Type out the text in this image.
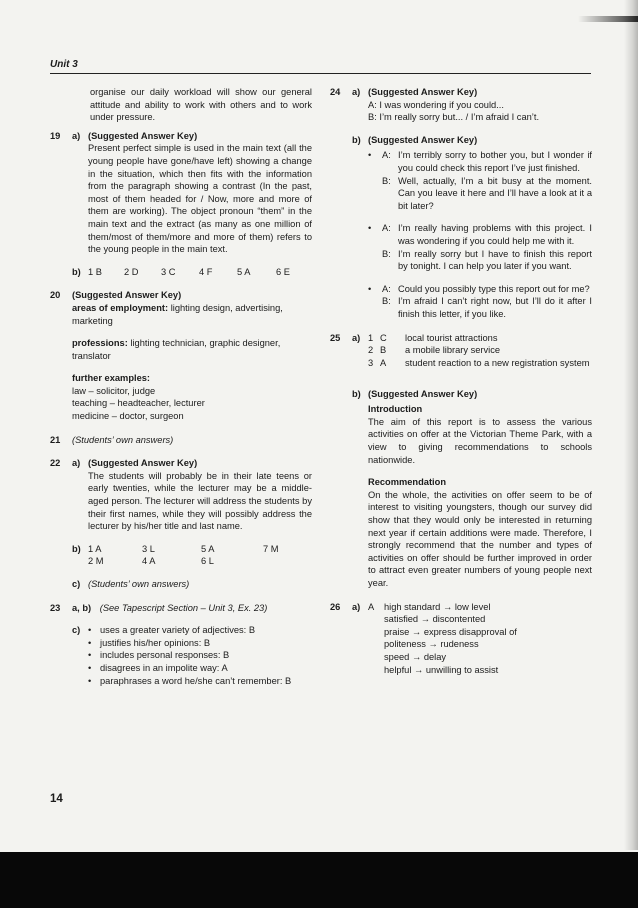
Unit 3
organise our daily workload will show our general attitude and ability to work with others and to work under pressure.
19 a) (Suggested Answer Key)
Present perfect simple is used in the main text (all the young people have gone/have left) showing a change in the situation, which then fits with the information from the paragraph showing a contrast (In the past, most of them headed for / Now, more and more of them are working). The object pronoun “them” in the main text and the extract (as many as one million of them/most of them/more and more of them) refers to the young people in the main text.
b) 1 B 2 D 3 C	4 F	5 A	6 E
20 (Suggested Answer Key)
areas of employment: lighting design, advertising, marketing
professions: lighting technician, graphic designer, translator
further examples:
law – solicitor, judge
teaching – headteacher, lecturer
medicine – doctor, surgeon
21 (Students’ own answers)
22 a) (Suggested Answer Key)
The students will probably be in their late teens or early twenties, while the lecturer may be a middle-aged person. The lecturer will address the students by their first names, while they will possibly address the lecturer by his/her title and last name.
b) 1 A	3 L	5 A	7 M
2 M	4 A	6 L
c) (Students’ own answers)
23 a, b) (See Tapescript Section – Unit 3, Ex. 23)
c) • uses a greater variety of adjectives: B
• justifies his/her opinions: B
• includes personal responses: B
• disagrees in an impolite way: A
• paraphrases a word he/she can’t remember: B
24 a) (Suggested Answer Key)
A: I was wondering if you could...
B: I’m really sorry but... / I’m afraid I can’t.
b) (Suggested Answer Key)
• A: I’m terribly sorry to bother you, but I wonder if you could check this report I’ve just finished.
B: Well, actually, I’m a bit busy at the moment. Can you leave it here and I’ll have a look at it a bit later?
• A: I’m really having problems with this project. I was wondering if you could help me with it.
B: I’m really sorry but I have to finish this report by tonight. I can help you later if you want.
• A: Could you possibly type this report out for me?
B: I’m afraid I can’t right now, but I’ll do it after I finish this letter, if you like.
25 a) 1 C local tourist attractions
2 B a mobile library service
3 A student reaction to a new registration system
b) (Suggested Answer Key)
Introduction
The aim of this report is to assess the various activities on offer at the Victorian Theme Park, with a view to giving recommendations to schools nationwide.
Recommendation
On the whole, the activities on offer seem to be of interest to visiting youngsters, though our survey did show that they would only be interested in returning next year if certain additions were made. Therefore, I strongly recommend that the number and types of activities on offer should be further improved in order to attract even greater numbers of young people next year.
26 a) A high standard → low level
satisfied → discontented
praise → express disapproval of
politeness → rudeness
speed → delay
helpful → unwilling to assist
14
